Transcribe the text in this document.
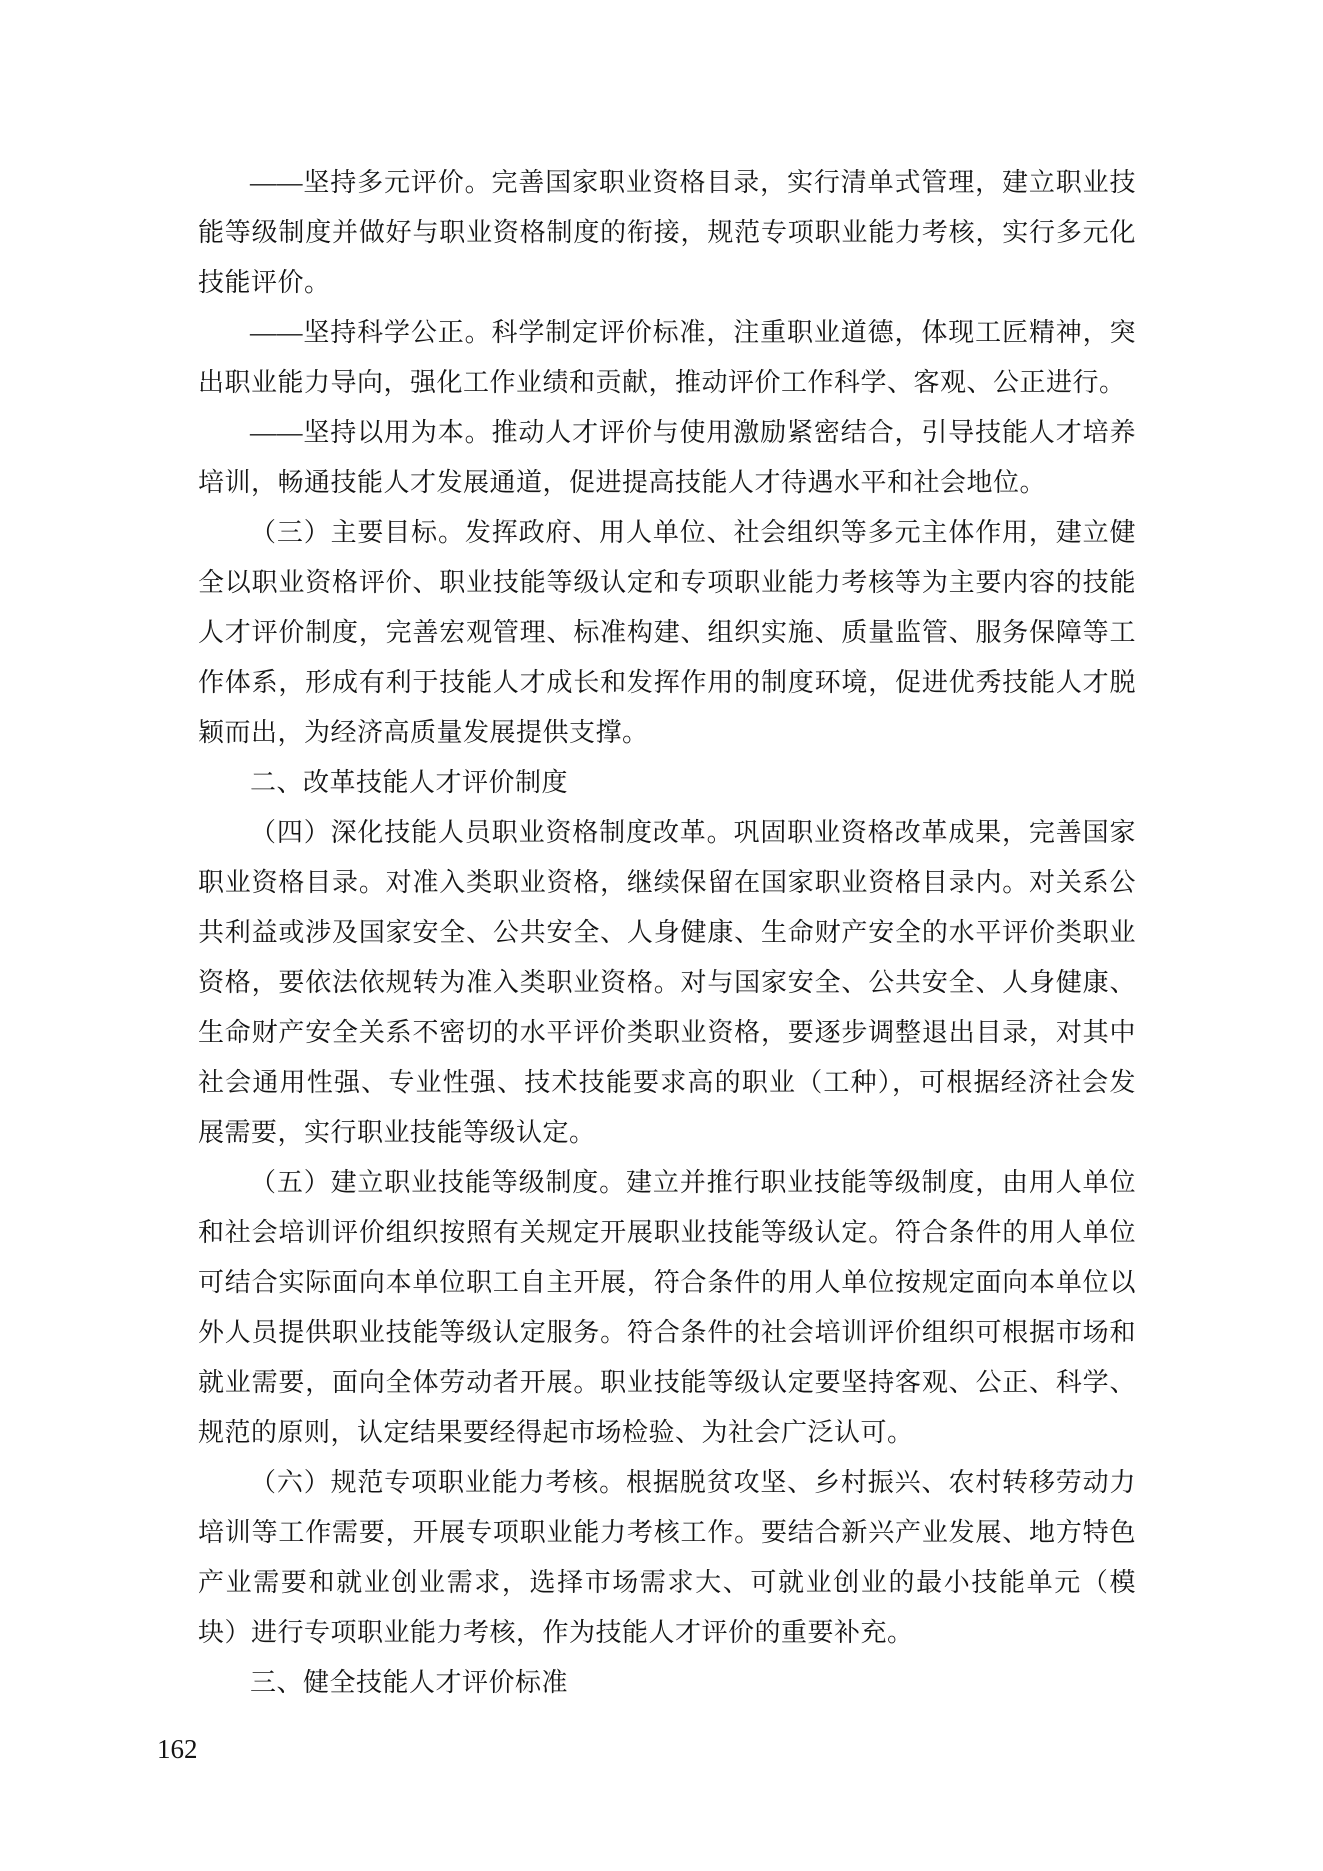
——坚持多元评价。完善国家职业资格目录，实行清单式管理，建立职业技能等级制度并做好与职业资格制度的衔接，规范专项职业能力考核，实行多元化技能评价。

——坚持科学公正。科学制定评价标准，注重职业道德，体现工匠精神，突出职业能力导向，强化工作业绩和贡献，推动评价工作科学、客观、公正进行。

——坚持以用为本。推动人才评价与使用激励紧密结合，引导技能人才培养培训，畅通技能人才发展通道，促进提高技能人才待遇水平和社会地位。

（三）主要目标。发挥政府、用人单位、社会组织等多元主体作用，建立健全以职业资格评价、职业技能等级认定和专项职业能力考核等为主要内容的技能人才评价制度，完善宏观管理、标准构建、组织实施、质量监管、服务保障等工作体系，形成有利于技能人才成长和发挥作用的制度环境，促进优秀技能人才脱颖而出，为经济高质量发展提供支撑。

二、改革技能人才评价制度

（四）深化技能人员职业资格制度改革。巩固职业资格改革成果，完善国家职业资格目录。对准入类职业资格，继续保留在国家职业资格目录内。对关系公共利益或涉及国家安全、公共安全、人身健康、生命财产安全的水平评价类职业资格，要依法依规转为准入类职业资格。对与国家安全、公共安全、人身健康、生命财产安全关系不密切的水平评价类职业资格，要逐步调整退出目录，对其中社会通用性强、专业性强、技术技能要求高的职业（工种），可根据经济社会发展需要，实行职业技能等级认定。

（五）建立职业技能等级制度。建立并推行职业技能等级制度，由用人单位和社会培训评价组织按照有关规定开展职业技能等级认定。符合条件的用人单位可结合实际面向本单位职工自主开展，符合条件的用人单位按规定面向本单位以外人员提供职业技能等级认定服务。符合条件的社会培训评价组织可根据市场和就业需要，面向全体劳动者开展。职业技能等级认定要坚持客观、公正、科学、规范的原则，认定结果要经得起市场检验、为社会广泛认可。

（六）规范专项职业能力考核。根据脱贫攻坚、乡村振兴、农村转移劳动力培训等工作需要，开展专项职业能力考核工作。要结合新兴产业发展、地方特色产业需要和就业创业需求，选择市场需求大、可就业创业的最小技能单元（模块）进行专项职业能力考核，作为技能人才评价的重要补充。

三、健全技能人才评价标准

162
